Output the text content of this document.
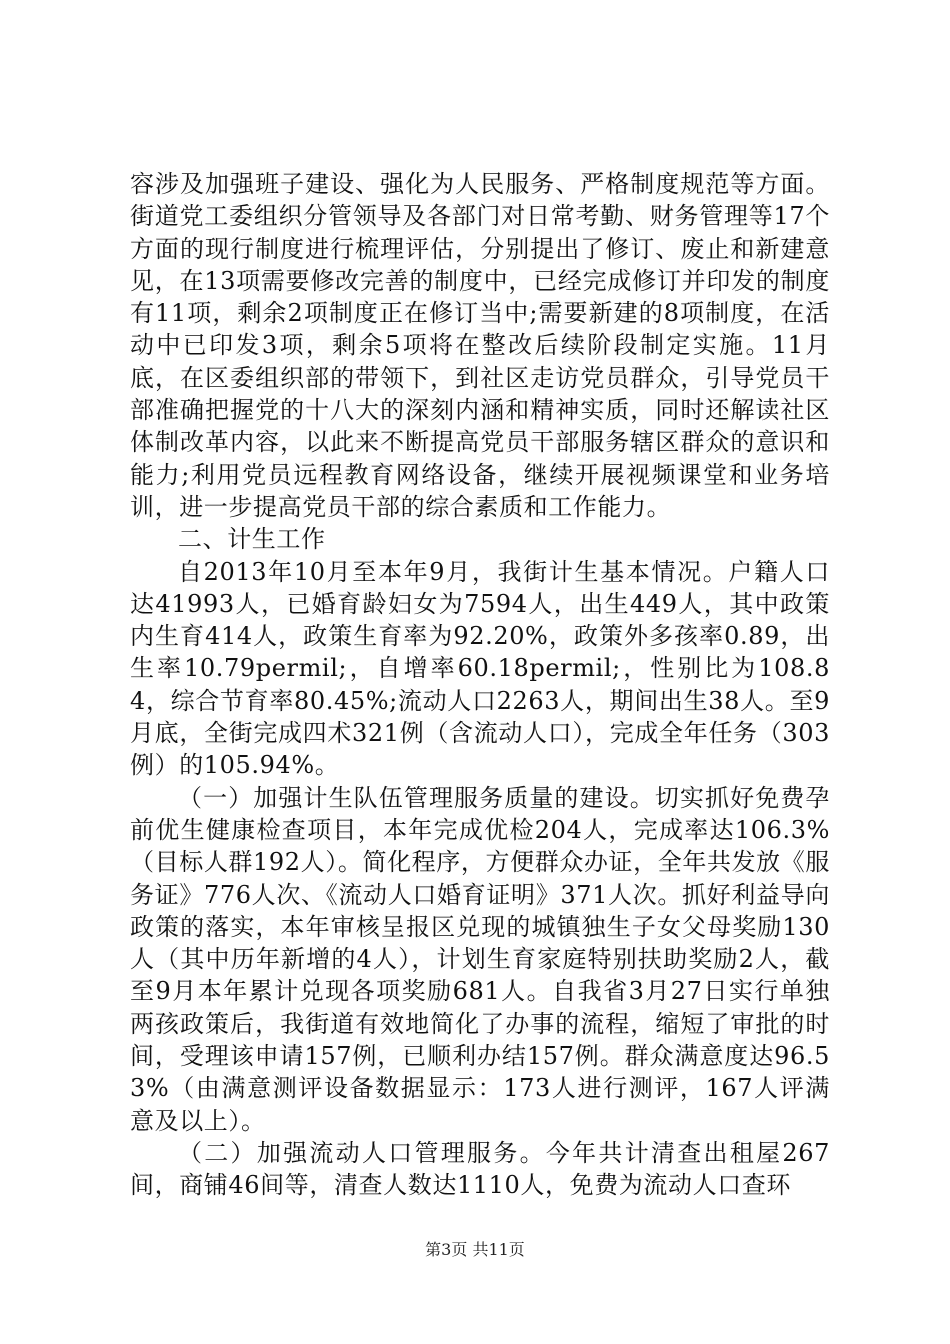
容涉及加强班子建设、强化为人民服务、严格制度规范等方面。街道党工委组织分管领导及各部门对日常考勤、财务管理等17个方面的现行制度进行梳理评估，分别提出了修订、废止和新建意见，在13项需要修改完善的制度中，已经完成修订并印发的制度有11项，剩余2项制度正在修订当中;需要新建的8项制度，在活动中已印发3项，剩余5项将在整改后续阶段制定实施。11月底，在区委组织部的带领下，到社区走访党员群众，引导党员干部准确把握党的十八大的深刻内涵和精神实质，同时还解读社区体制改革内容，以此来不断提高党员干部服务辖区群众的意识和能力;利用党员远程教育网络设备，继续开展视频课堂和业务培训，进一步提高党员干部的综合素质和工作能力。

二、计生工作

自2013年10月至本年9月，我街计生基本情况。户籍人口达41993人，已婚育龄妇女为7594人，出生449人，其中政策内生育414人，政策生育率为92.20%，政策外多孩率0.89，出生率10.79permil;，自增率60.18permil;，性别比为108.84，综合节育率80.45%;流动人口2263人，期间出生38人。至9月底，全街完成四术321例（含流动人口），完成全年任务（303例）的105.94%。

（一）加强计生队伍管理服务质量的建设。切实抓好免费孕前优生健康检查项目，本年完成优检204人，完成率达106.3%（目标人群192人）。简化程序，方便群众办证，全年共发放《服务证》776人次、《流动人口婚育证明》371人次。抓好利益导向政策的落实，本年审核呈报区兑现的城镇独生子女父母奖励130人（其中历年新增的4人），计划生育家庭特别扶助奖励2人，截至9月本年累计兑现各项奖励681人。自我省3月27日实行单独两孩政策后，我街道有效地简化了办事的流程，缩短了审批的时间，受理该申请157例，已顺利办结157例。群众满意度达96.53%（由满意测评设备数据显示：173人进行测评，167人评满意及以上）。

（二）加强流动人口管理服务。今年共计清查出租屋267间，商铺46间等，清查人数达1110人，免费为流动人口查环

第3页 共11页
